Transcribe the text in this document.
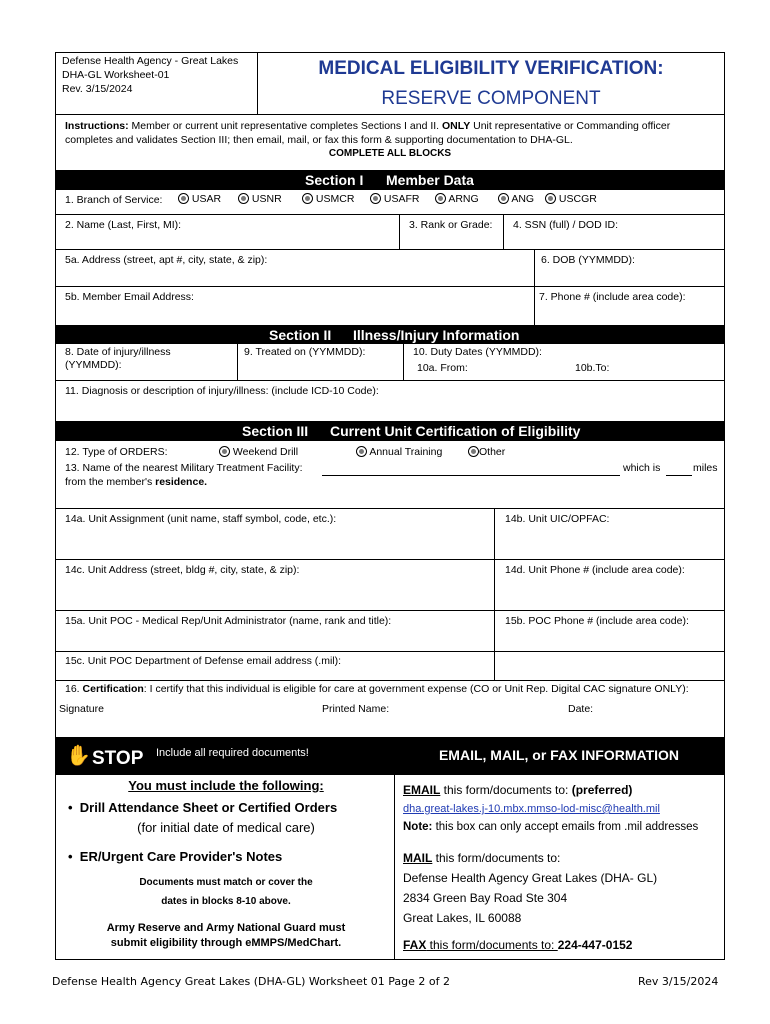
Defense Health Agency - Great Lakes
DHA-GL Worksheet-01
Rev. 3/15/2024
MEDICAL ELIGIBILITY VERIFICATION:
RESERVE COMPONENT
Instructions: Member or current unit representative completes Sections I and II. ONLY Unit representative or Commanding officer completes and validates Section III; then email, mail, or fax this form & supporting documentation to DHA-GL.
COMPLETE ALL BLOCKS
Section I Member Data
1. Branch of Service:	USAR	USNR	USMCR	USAFR	ARNG	ANG	USCGR
2. Name (Last, First, MI):	3. Rank or Grade:	4. SSN (full) / DOD ID:
5a. Address (street, apt #, city, state, & zip):	6. DOB (YYMMDD):
5b. Member Email Address:	7. Phone # (include area code):
Section II Illness/Injury Information
8. Date of injury/illness (YYMMDD):
9. Treated on (YYMMDD):	10. Duty Dates (YYMMDD):
10a. From:	10b.To:
11. Diagnosis or description of injury/illness: (include ICD-10 Code):
Section III Current Unit Certification of Eligibility
12. Type of ORDERS:	Weekend Drill	Annual Training	Other
13. Name of the nearest Military Treatment Facility:	which is	miles
from the member's residence.
14a. Unit Assignment (unit name, staff symbol, code, etc.):	14b. Unit UIC/OPFAC:
14c. Unit Address (street, bldg #, city, state, & zip):	14d. Unit Phone # (include area code):
15a. Unit POC - Medical Rep/Unit Administrator (name, rank and title):	15b. POC Phone # (include area code):
15c. Unit POC Department of Defense email address (.mil):
16. Certification: I certify that this individual is eligible for care at government expense (CO or Unit Rep. Digital CAC signature ONLY):
Signature	Printed Name:	Date:
✋ STOP Include all required documents!
You must include the following:
•  Drill Attendance Sheet or Certified Orders
(for initial date of medical care)
•  ER/Urgent Care Provider's Notes
Documents must match or cover the
dates in blocks 8-10 above.
Army Reserve and Army National Guard must
submit eligibility through eMMPS/MedChart.
EMAIL, MAIL, or FAX INFORMATION
EMAIL this form/documents to: (preferred)
dha.great-lakes.j-10.mbx.mmso-lod-misc@health.mil
Note: this box can only accept emails from .mil addresses
MAIL this form/documents to:
Defense Health Agency Great Lakes (DHA- GL)
2834 Green Bay Road Ste 304
Great Lakes, IL 60088
FAX this form/documents to: 224-447-0152
Defense Health Agency Great Lakes (DHA-GL) Worksheet 01 Page 2 of 2	Rev 3/15/2024
